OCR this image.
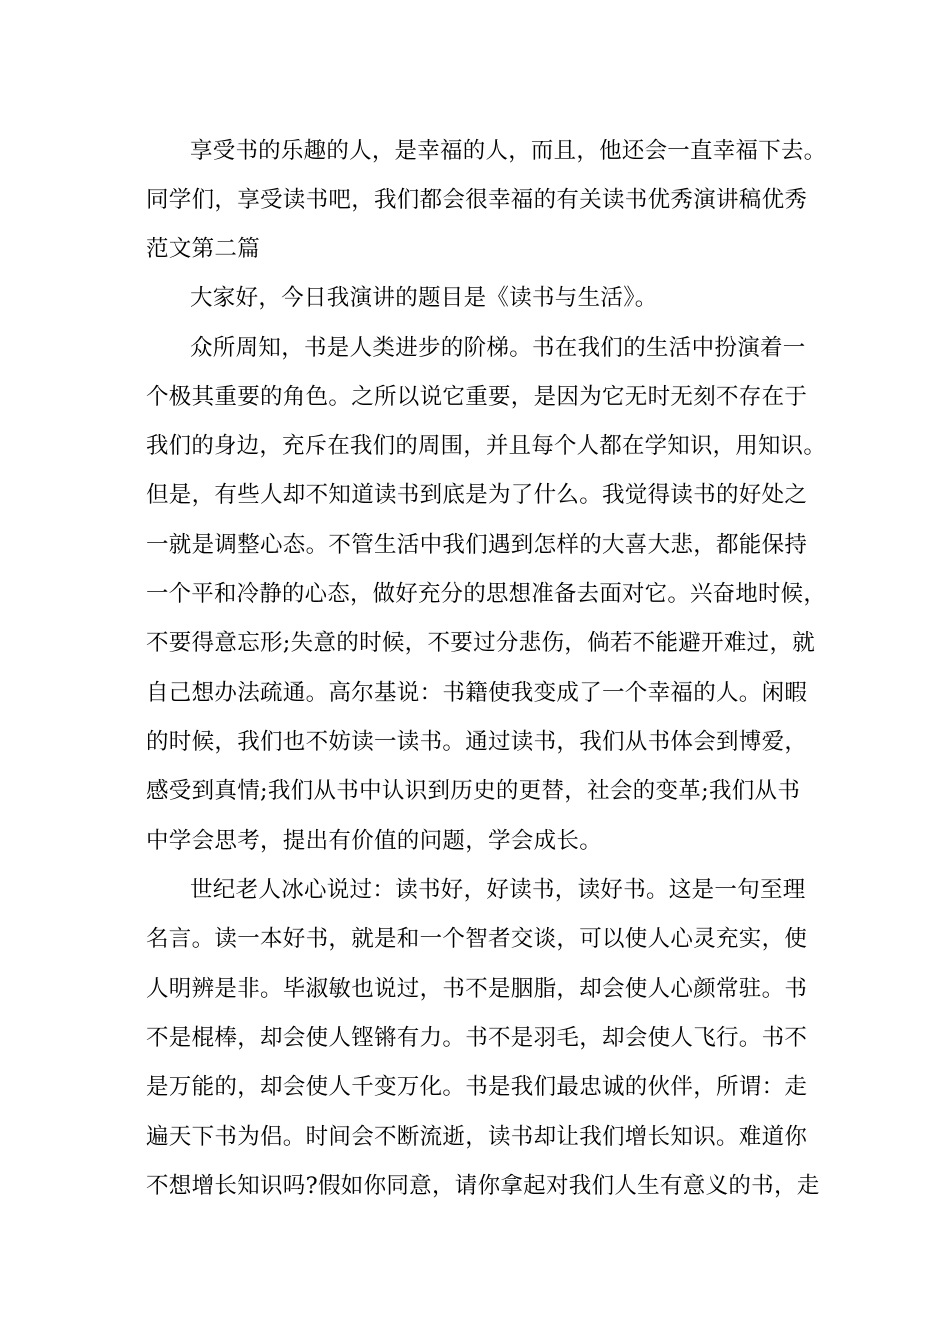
享受书的乐趣的人，是幸福的人，而且，他还会一直幸福下去。
同学们，享受读书吧，我们都会很幸福的有关读书优秀演讲稿优秀
范文第二篇
大家好，今日我演讲的题目是《读书与生活》。
众所周知，书是人类进步的阶梯。书在我们的生活中扮演着一
个极其重要的角色。之所以说它重要，是因为它无时无刻不存在于
我们的身边，充斥在我们的周围，并且每个人都在学知识，用知识。
但是，有些人却不知道读书到底是为了什么。我觉得读书的好处之
一就是调整心态。不管生活中我们遇到怎样的大喜大悲，都能保持
一个平和冷静的心态，做好充分的思想准备去面对它。兴奋地时候，
不要得意忘形;失意的时候，不要过分悲伤，倘若不能避开难过，就
自己想办法疏通。高尔基说：书籍使我变成了一个幸福的人。闲暇
的时候，我们也不妨读一读书。通过读书，我们从书体会到博爱，
感受到真情;我们从书中认识到历史的更替，社会的变革;我们从书
中学会思考，提出有价值的问题，学会成长。
世纪老人冰心说过：读书好，好读书，读好书。这是一句至理
名言。读一本好书，就是和一个智者交谈，可以使人心灵充实，使
人明辨是非。毕淑敏也说过，书不是胭脂，却会使人心颜常驻。书
不是棍棒，却会使人铿锵有力。书不是羽毛，却会使人飞行。书不
是万能的，却会使人千变万化。书是我们最忠诚的伙伴，所谓：走
遍天下书为侣。时间会不断流逝，读书却让我们增长知识。难道你
不想增长知识吗?假如你同意，请你拿起对我们人生有意义的书，走
